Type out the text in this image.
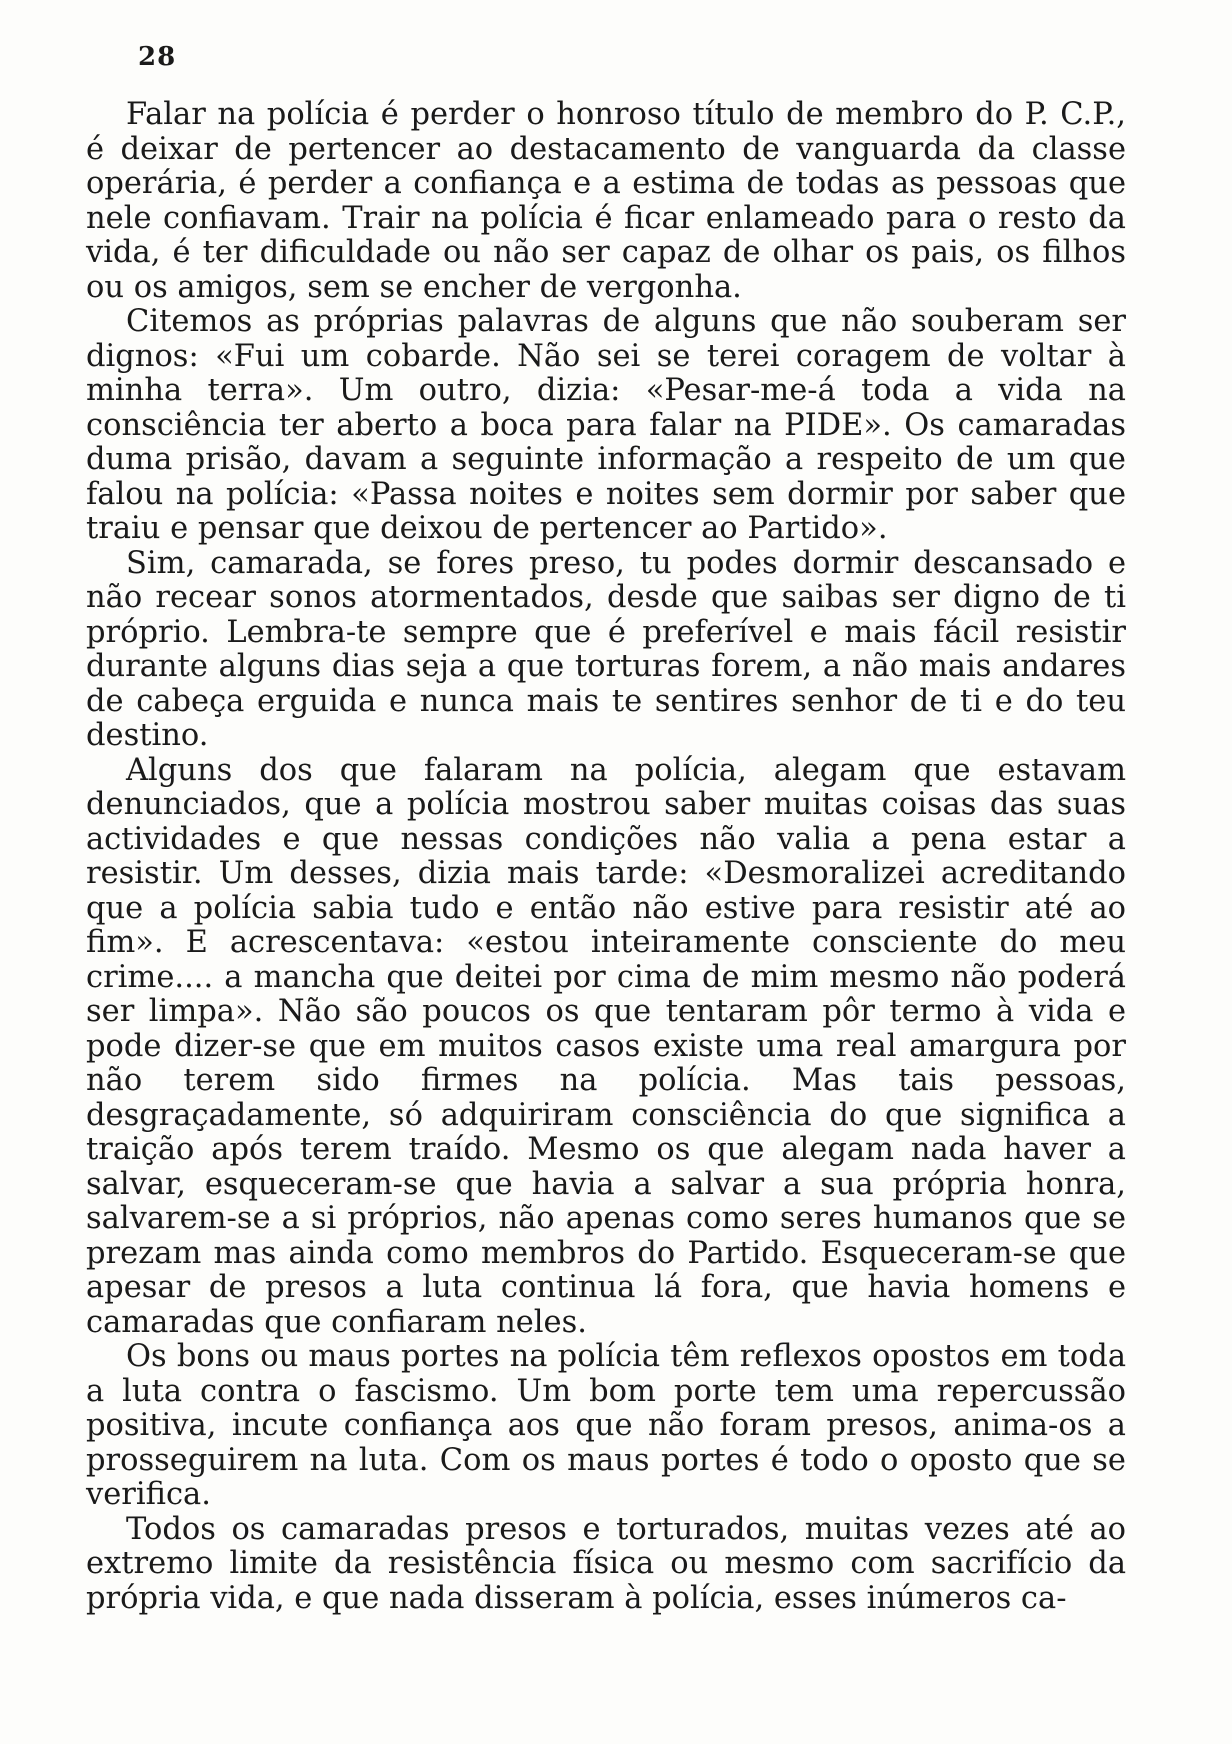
28

Falar na polícia é perder o honroso título de membro do P. C.P., é deixar de pertencer ao destacamento de vanguarda da classe operária, é perder a confiança e a estima de todas as pessoas que nele confiavam. Trair na polícia é ficar enlameado para o resto da vida, é ter dificuldade ou não ser capaz de olhar os pais, os filhos ou os amigos, sem se encher de vergonha.

Citemos as próprias palavras de alguns que não souberam ser dignos: «Fui um cobarde. Não sei se terei coragem de voltar à minha terra». Um outro, dizia: «Pesar-me-á toda a vida na consciência ter aberto a boca para falar na PIDE». Os camaradas duma prisão, davam a seguinte informação a respeito de um que falou na polícia: «Passa noites e noites sem dormir por saber que traiu e pensar que deixou de pertencer ao Partido».

Sim, camarada, se fores preso, tu podes dormir descansado e não recear sonos atormentados, desde que saibas ser digno de ti próprio. Lembra-te sempre que é preferível e mais fácil resistir durante alguns dias seja a que torturas forem, a não mais andares de cabeça erguida e nunca mais te sentires senhor de ti e do teu destino.

Alguns dos que falaram na polícia, alegam que estavam denunciados, que a polícia mostrou saber muitas coisas das suas actividades e que nessas condições não valia a pena estar a resistir. Um desses, dizia mais tarde: «Desmoralizei acreditando que a polícia sabia tudo e então não estive para resistir até ao fim». E acrescentava: «estou inteiramente consciente do meu crime.... a mancha que deitei por cima de mim mesmo não poderá ser limpa». Não são poucos os que tentaram pôr termo à vida e pode dizer-se que em muitos casos existe uma real amargura por não terem sido firmes na polícia. Mas tais pessoas, desgraçadamente, só adquiriram consciência do que significa a traição após terem traído. Mesmo os que alegam nada haver a salvar, esqueceram-se que havia a salvar a sua própria honra, salvarem-se a si próprios, não apenas como seres humanos que se prezam mas ainda como membros do Partido. Esqueceram-se que apesar de presos a luta continua lá fora, que havia homens e camaradas que confiaram neles.

Os bons ou maus portes na polícia têm reflexos opostos em toda a luta contra o fascismo. Um bom porte tem uma repercussão positiva, incute confiança aos que não foram presos, anima-os a prosseguirem na luta. Com os maus portes é todo o oposto que se verifica.

Todos os camaradas presos e torturados, muitas vezes até ao extremo limite da resistência física ou mesmo com sacrifício da própria vida, e que nada disseram à polícia, esses inúmeros ca-
